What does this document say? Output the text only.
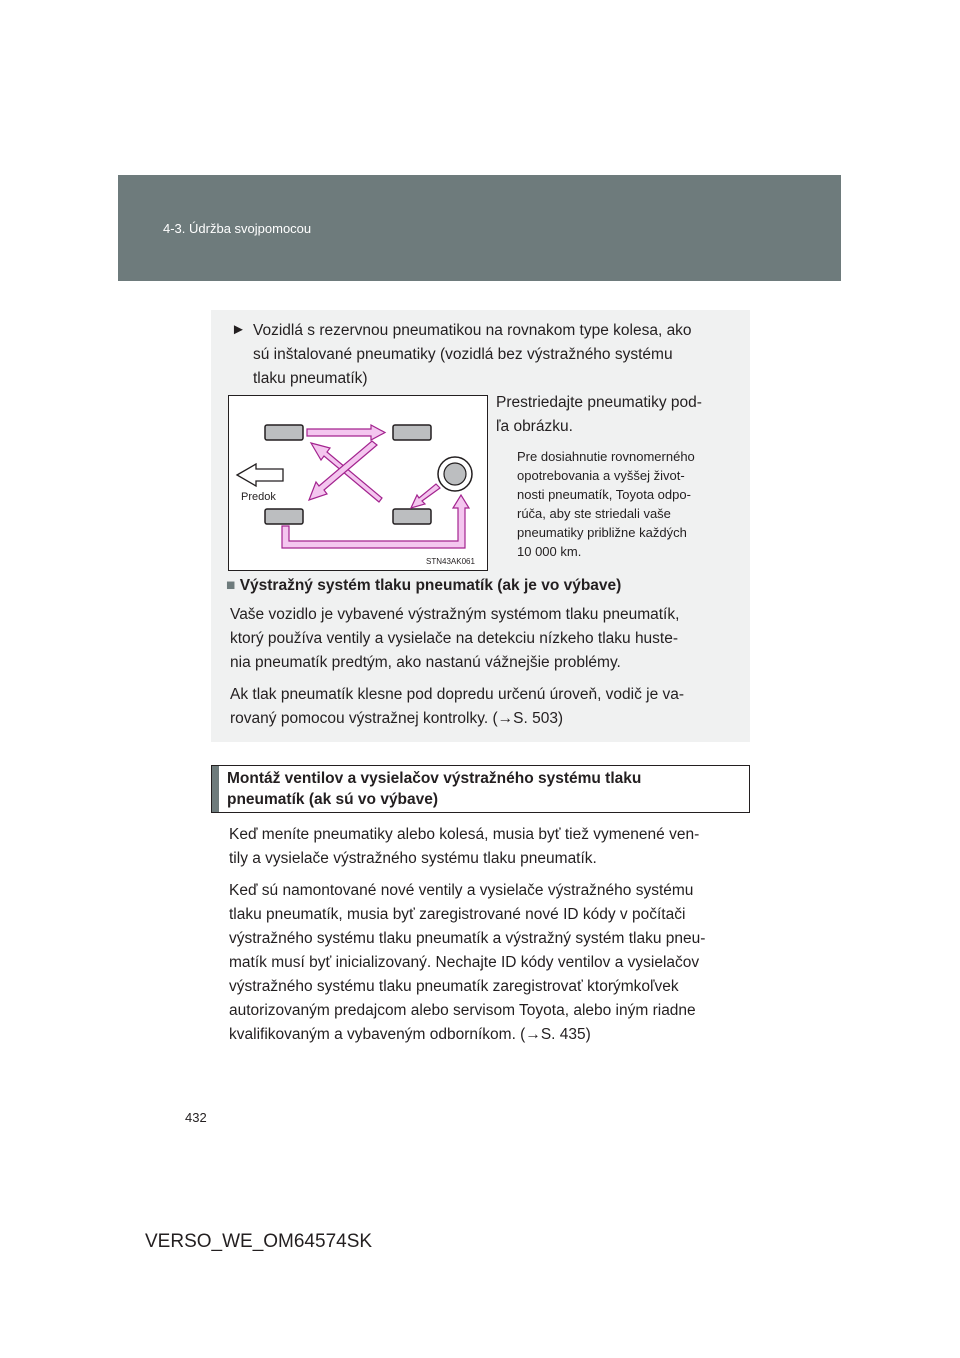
4-3. Údržba svojpomocou
► Vozidlá s rezervnou pneumatikou na rovnakom type kolesa, ako
sú inštalované pneumatiky (vozidlá bez výstražného systému
tlaku pneumatík)
Predok
STN43AK061
Prestriedajte pneumatiky pod-
ľa obrázku.
Pre dosiahnutie rovnomerného
opotrebovania a vyššej život-
nosti pneumatík, Toyota odpo-
rúča, aby ste striedali vaše
pneumatiky približne každých
10 000 km.
■ Výstražný systém tlaku pneumatík (ak je vo výbave)
Vaše vozidlo je vybavené výstražným systémom tlaku pneumatík,
ktorý používa ventily a vysielače na detekciu nízkeho tlaku huste-
nia pneumatík predtým, ako nastanú vážnejšie problémy.
Ak tlak pneumatík klesne pod dopredu určenú úroveň, vodič je va-
rovaný pomocou výstražnej kontrolky. (→S. 503)
Montáž ventilov a vysielačov výstražného systému tlaku
pneumatík (ak sú vo výbave)
Keď meníte pneumatiky alebo kolesá, musia byť tiež vymenené ven-
tily a vysielače výstražného systému tlaku pneumatík.
Keď sú namontované nové ventily a vysielače výstražného systému
tlaku pneumatík, musia byť zaregistrované nové ID kódy v počítači
výstražného systému tlaku pneumatík a výstražný systém tlaku pneu-
matík musí byť inicializovaný. Nechajte ID kódy ventilov a vysielačov
výstražného systému tlaku pneumatík zaregistrovať ktorýmkoľvek
autorizovaným predajcom alebo servisom Toyota, alebo iným riadne
kvalifikovaným a vybaveným odborníkom. (→S. 435)
432
VERSO_WE_OM64574SK
